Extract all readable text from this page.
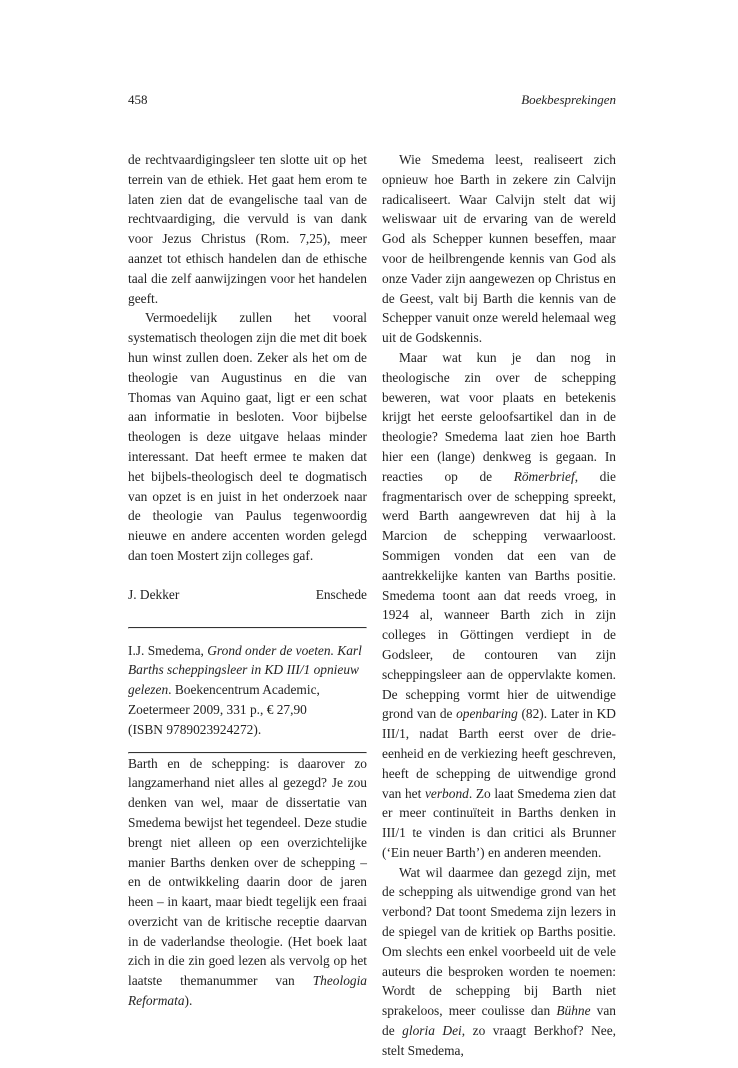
458	Boekbesprekingen

de rechtvaardigingsleer ten slotte uit op het terrein van de ethiek. Het gaat hem erom te laten zien dat de evangelische taal van de rechtvaardiging, die vervuld is van dank voor Jezus Christus (Rom. 7,25), meer aanzet tot ethisch handelen dan de ethische taal die zelf aanwijzingen voor het handelen geeft.

Vermoedelijk zullen het vooral systematisch theologen zijn die met dit boek hun winst zullen doen. Zeker als het om de theologie van Augustinus en die van Thomas van Aquino gaat, ligt er een schat aan informatie in besloten. Voor bijbelse theologen is deze uitgave helaas minder interessant. Dat heeft ermee te maken dat het bijbels-theologisch deel te dogmatisch van opzet is en juist in het onderzoek naar de theologie van Paulus tegenwoordig nieuwe en andere accenten worden gelegd dan toen Mostert zijn colleges gaf.

J. Dekker	Enschede

I.J. Smedema, Grond onder de voeten. Karl Barths scheppingsleer in KD III/1 opnieuw gelezen. Boekencentrum Academic, Zoetermeer 2009, 331 p., € 27,90
(ISBN 9789023924272).

Barth en de schepping: is daarover zo langzamerhand niet alles al gezegd? Je zou denken van wel, maar de dissertatie van Smedema bewijst het tegendeel. Deze studie brengt niet alleen op een overzichtelijke manier Barths denken over de schepping – en de ontwikkeling daarin door de jaren heen – in kaart, maar biedt tegelijk een fraai overzicht van de kritische receptie daarvan in de vaderlandse theologie. (Het boek laat zich in die zin goed lezen als vervolg op het laatste themanummer van Theologia Reformata).

Wie Smedema leest, realiseert zich opnieuw hoe Barth in zekere zin Calvijn radicaliseert. Waar Calvijn stelt dat wij weliswaar uit de ervaring van de wereld God als Schepper kunnen beseffen, maar voor de heilbrengende kennis van God als onze Vader zijn aangewezen op Christus en de Geest, valt bij Barth die kennis van de Schepper vanuit onze wereld helemaal weg uit de Godskennis.

Maar wat kun je dan nog in theologische zin over de schepping beweren, wat voor plaats en betekenis krijgt het eerste geloofsartikel dan in de theologie? Smedema laat zien hoe Barth hier een (lange) denkweg is gegaan. In reacties op de Römerbrief, die fragmentarisch over de schepping spreekt, werd Barth aangewreven dat hij à la Marcion de schepping verwaarloost. Sommigen vonden dat een van de aantrekkelijke kanten van Barths positie. Smedema toont aan dat reeds vroeg, in 1924 al, wanneer Barth zich in zijn colleges in Göttingen verdiept in de Godsleer, de contouren van zijn scheppingsleer aan de oppervlakte komen. De schepping vormt hier de uitwendige grond van de openbaring (82). Later in KD III/1, nadat Barth eerst over de drie-eenheid en de verkiezing heeft geschreven, heeft de schepping de uitwendige grond van het verbond. Zo laat Smedema zien dat er meer continuïteit in Barths denken in III/1 te vinden is dan critici als Brunner (‘Ein neuer Barth’) en anderen meenden.

Wat wil daarmee dan gezegd zijn, met de schepping als uitwendige grond van het verbond? Dat toont Smedema zijn lezers in de spiegel van de kritiek op Barths positie. Om slechts een enkel voorbeeld uit de vele auteurs die besproken worden te noemen: Wordt de schepping bij Barth niet sprakeloos, meer coulisse dan Bühne van de gloria Dei, zo vraagt Berkhof? Nee, stelt Smedema,
